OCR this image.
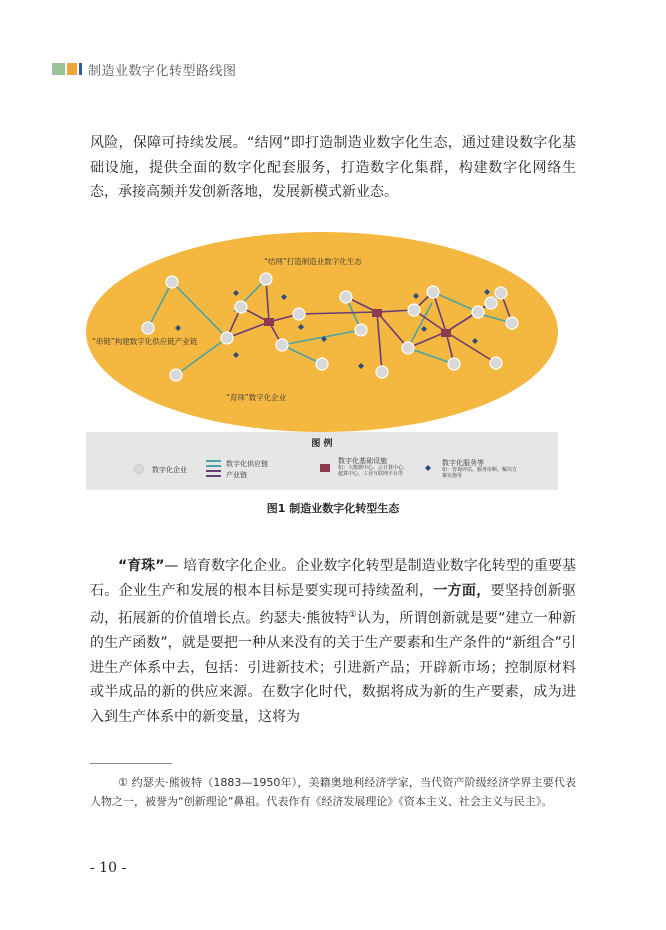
制造业数字化转型路线图

风险，保障可持续发展。“结网”即打造制造业数字化生态，通过建设数字化基础设施，提供全面的数字化配套服务，打造数字化集群，构建数字化网络生态，承接高频并发创新落地，发展新模式新业态。

“结网”打造制造业数字化生态
“串链”构建数字化供应链产业链
“育珠”数字化企业
图 例
数字化企业
数字化供应链
产业链
数字化基础设施
如：大数据中心、云计算中心、超算中心、工业互联网平台等
数字化服务等
如：咨询评估、服务诊断、解决方案实施等
图1 制造业数字化转型生态

“育珠”— 培育数字化企业。企业数字化转型是制造业数字化转型的重要基石。企业生产和发展的根本目标是要实现可持续盈利，一方面，要坚持创新驱动，拓展新的价值增长点。约瑟夫·熊彼特①认为，所谓创新就是要“建立一种新的生产函数”，就是要把一种从来没有的关于生产要素和生产条件的“新组合”引进生产体系中去，包括：引进新技术；引进新产品；开辟新市场；控制原材料或半成品的新的供应来源。在数字化时代，数据将成为新的生产要素，成为进入到生产体系中的新变量，这将为

① 约瑟夫·熊彼特（1883—1950年），美籍奥地利经济学家，当代资产阶级经济学界主要代表人物之一，被誉为“创新理论”鼻祖。代表作有《经济发展理论》《资本主义、社会主义与民主》。

- 10 -
